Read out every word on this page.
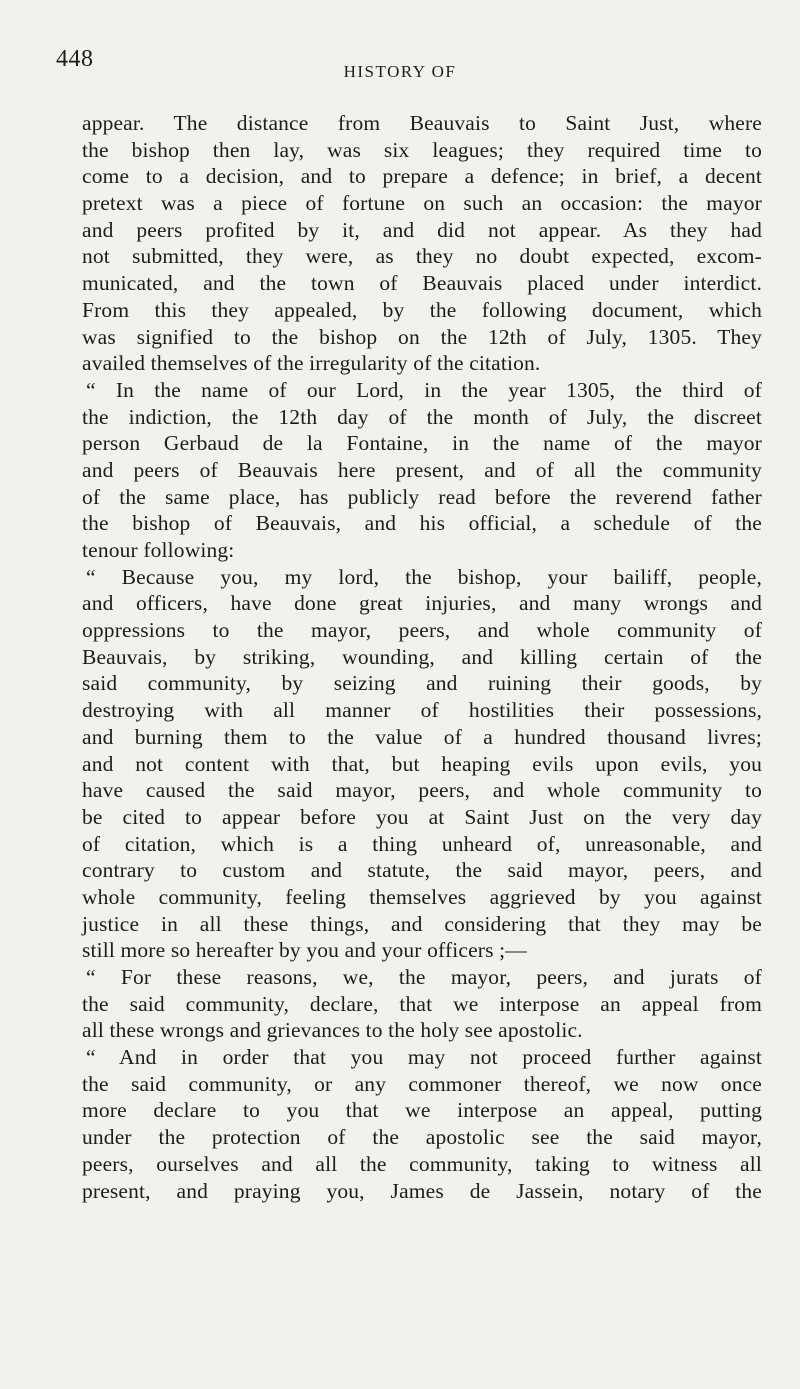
448	HISTORY OF
appear. The distance from Beauvais to Saint Just, where
the bishop then lay, was six leagues; they required time to
come to a decision, and to prepare a defence; in brief, a decent
pretext was a piece of fortune on such an occasion: the mayor
and peers profited by it, and did not appear. As they had
not submitted, they were, as they no doubt expected, excom-
municated, and the town of Beauvais placed under interdict.
From this they appealed, by the following document, which
was signified to the bishop on the 12th of July, 1305. They
availed themselves of the irregularity of the citation.
“ In the name of our Lord, in the year 1305, the third of
the indiction, the 12th day of the month of July, the discreet
person Gerbaud de la Fontaine, in the name of the mayor
and peers of Beauvais here present, and of all the community
of the same place, has publicly read before the reverend father
the bishop of Beauvais, and his official, a schedule of the
tenour following:
“ Because you, my lord, the bishop, your bailiff, people,
and officers, have done great injuries, and many wrongs and
oppressions to the mayor, peers, and whole community of
Beauvais, by striking, wounding, and killing certain of the
said community, by seizing and ruining their goods, by
destroying with all manner of hostilities their possessions,
and burning them to the value of a hundred thousand livres;
and not content with that, but heaping evils upon evils, you
have caused the said mayor, peers, and whole community to
be cited to appear before you at Saint Just on the very day
of citation, which is a thing unheard of, unreasonable, and
contrary to custom and statute, the said mayor, peers, and
whole community, feeling themselves aggrieved by you against
justice in all these things, and considering that they may be
still more so hereafter by you and your officers ;—
“ For these reasons, we, the mayor, peers, and jurats of
the said community, declare, that we interpose an appeal from
all these wrongs and grievances to the holy see apostolic.
“ And in order that you may not proceed further against
the said community, or any commoner thereof, we now once
more declare to you that we interpose an appeal, putting
under the protection of the apostolic see the said mayor,
peers, ourselves and all the community, taking to witness all
present, and praying you, James de Jassein, notary of the
